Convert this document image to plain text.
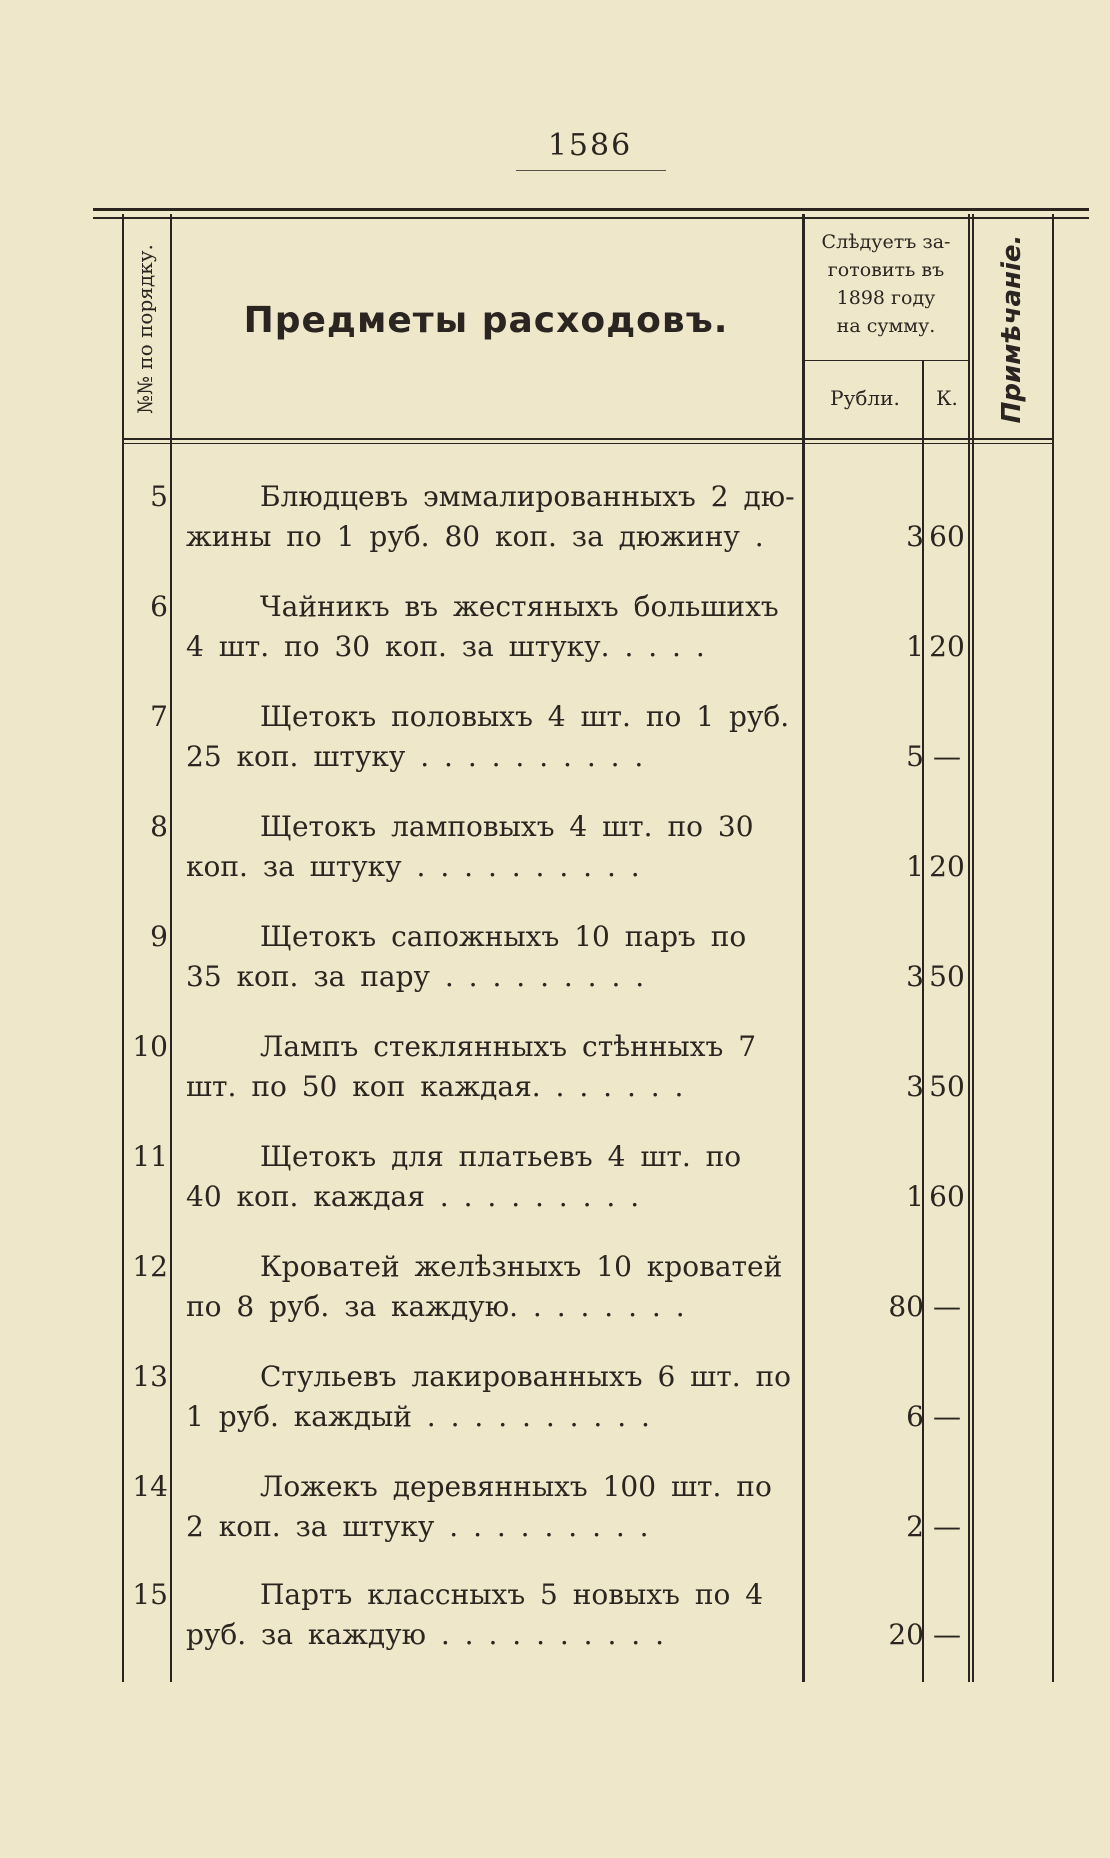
1586
№№ по порядку.	Предметы расходовъ.
Слѣдуетъ за-
готовить въ
1898 году
на сумму.
Рубли.	К.	Примѣчаніе.
5	Блюдцевъ эммалированныхъ 2 дю-
жины по 1 руб. 80 коп. за дюжину .	3 60
6	Чайникъ въ жестяныхъ большихъ
4 шт. по 30 коп. за штуку. . . . .	1 20
7	Щетокъ половыхъ 4 шт. по 1 руб.
25 коп. штуку . . . . . . . . . .	5 —
8	Щетокъ ламповыхъ 4 шт. по 30
коп. за штуку . . . . . . . . . .	1 20
9	Щетокъ сапожныхъ 10 паръ по
35 коп. за пару . . . . . . . . .	3 50
10	Лампъ стеклянныхъ стѣнныхъ 7
шт. по 50 коп каждая. . . . . . .	3 50
11	Щетокъ для платьевъ 4 шт. по
40 коп. каждая . . . . . . . . .	1 60
12	Кроватей желѣзныхъ 10 кроватей
по 8 руб. за каждую. . . . . . . .	80 —
13	Стульевъ лакированныхъ 6 шт. по
1 руб. каждый . . . . . . . . . .	6 —
14	Ложекъ деревянныхъ 100 шт. по
2 коп. за штуку . . . . . . . . .	2 —
15	Партъ классныхъ 5 новыхъ по 4
руб. за каждую . . . . . . . . . .	20 —
